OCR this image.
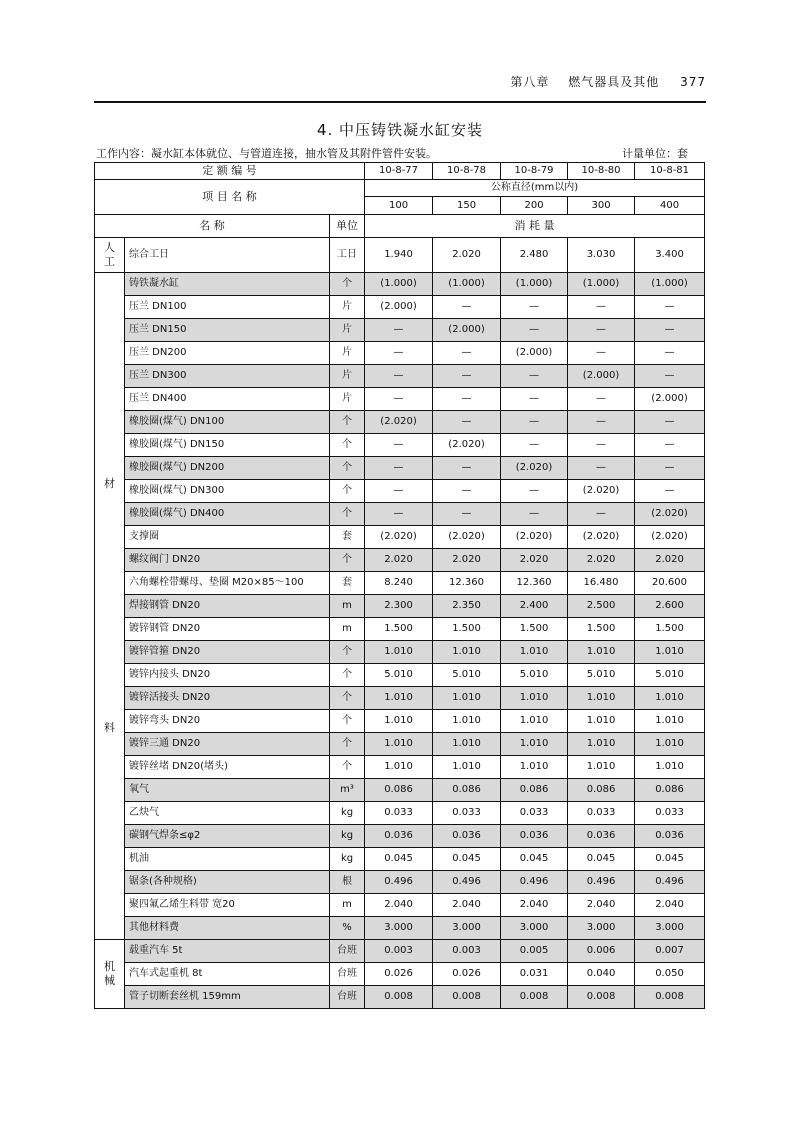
第八章 燃气器具及其他 377
4. 中压铸铁凝水缸安装
工作内容：凝水缸本体就位、与管道连接，抽水管及其附件管件安装。	计量单位：套
定 额 编 号			10-8-77	10-8-78	10-8-79	10-8-80	10-8-81
项 目 名 称			公称直径(mm以内)				
			100	150	200	300	400
名 称		单位	消 耗 量				
人工	综合工日	工日	1.940	2.020	2.480	3.030	3.400

材
料	铸铁凝水缸	个	(1.000)	(1.000)	(1.000)	(1.000)	(1.000)
	压兰 DN100	片	(2.000)	—	—	—	—
	压兰 DN150	片	—	(2.000)	—	—	—
	压兰 DN200	片	—	—	(2.000)	—	—
	压兰 DN300	片	—	—	—	(2.000)	—
	压兰 DN400	片	—	—	—	—	(2.000)
	橡胶圈(煤气) DN100	个	(2.020)	—	—	—	—
	橡胶圈(煤气) DN150	个	—	(2.020)	—	—	—
	橡胶圈(煤气) DN200	个	—	—	(2.020)	—	—
	橡胶圈(煤气) DN300	个	—	—	—	(2.020)	—
	橡胶圈(煤气) DN400	个	—	—	—	—	(2.020)
	支撑圈	套	(2.020)	(2.020)	(2.020)	(2.020)	(2.020)
	螺纹阀门 DN20	个	2.020	2.020	2.020	2.020	2.020
	六角螺栓带螺母、垫圈 M20×85～100	套	8.240	12.360	12.360	16.480	20.600
	焊接钢管 DN20	m	2.300	2.350	2.400	2.500	2.600
	镀锌钢管 DN20	m	1.500	1.500	1.500	1.500	1.500
	镀锌管箍 DN20	个	1.010	1.010	1.010	1.010	1.010
	镀锌内接头 DN20	个	5.010	5.010	5.010	5.010	5.010
	镀锌活接头 DN20	个	1.010	1.010	1.010	1.010	1.010
	镀锌弯头 DN20	个	1.010	1.010	1.010	1.010	1.010
	镀锌三通 DN20	个	1.010	1.010	1.010	1.010	1.010
	镀锌丝堵 DN20(堵头)	个	1.010	1.010	1.010	1.010	1.010
	氧气	m³	0.086	0.086	0.086	0.086	0.086
	乙炔气	kg	0.033	0.033	0.033	0.033	0.033
	碳钢气焊条≤φ2	kg	0.036	0.036	0.036	0.036	0.036
	机油	kg	0.045	0.045	0.045	0.045	0.045
	锯条(各种规格)	根	0.496	0.496	0.496	0.496	0.496
	聚四氟乙烯生料带 宽20	m	2.040	2.040	2.040	2.040	2.040
	其他材料费	%	3.000	3.000	3.000	3.000	3.000
机械	载重汽车 5t	台班	0.003	0.003	0.005	0.006	0.007
	汽车式起重机 8t	台班	0.026	0.026	0.031	0.040	0.050
	管子切断套丝机 159mm	台班	0.008	0.008	0.008	0.008	0.008
